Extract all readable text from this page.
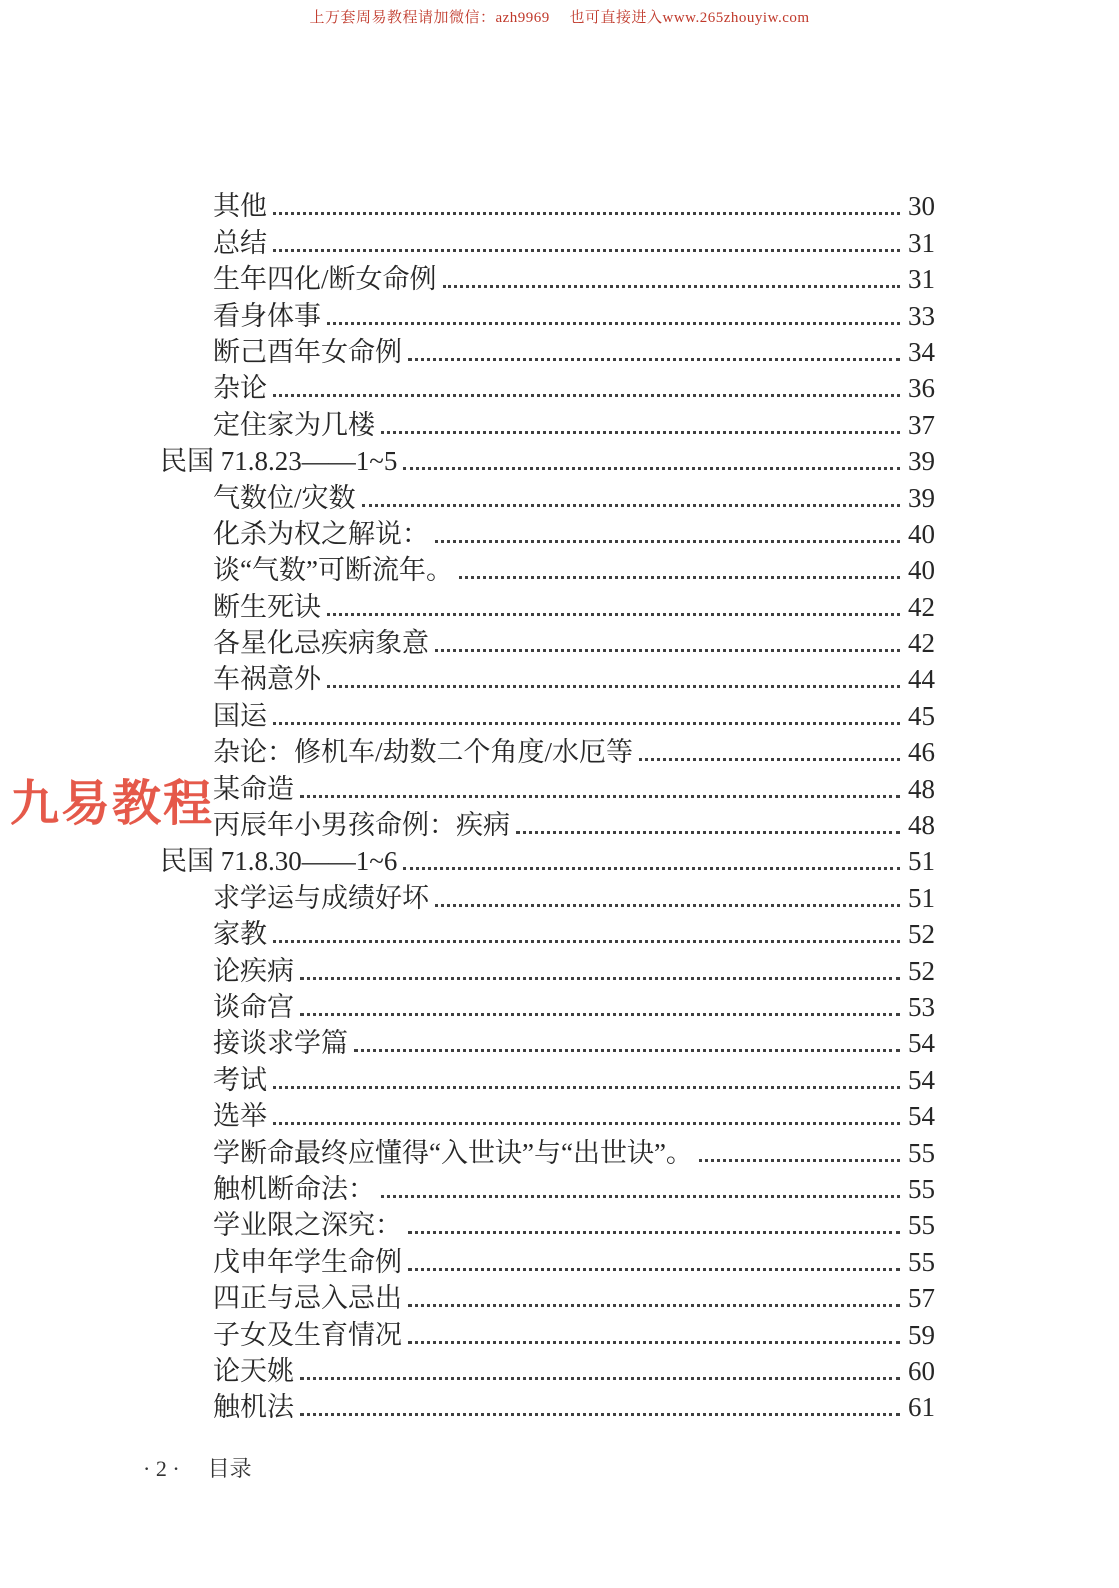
上万套周易教程请加微信：azh9969　 也可直接进入www.265zhouyiw.com
其他	30
总结	31
生年四化/断女命例	31
看身体事	33
断己酉年女命例	34
杂论	36
定住家为几楼	37
民国 71.8.23——1~5	39
气数位/灾数	39
化杀为权之解说：	40
谈“气数”可断流年。	40
断生死诀	42
各星化忌疾病象意	42
车祸意外	44
国运	45
杂论：修机车/劫数二个角度/水厄等	46
某命造	48
丙辰年小男孩命例：疾病	48
民国 71.8.30——1~6	51
求学运与成绩好坏	51
家教	52
论疾病	52
谈命宫	53
接谈求学篇	54
考试	54
选举	54
学断命最终应懂得“入世诀”与“出世诀”。	55
触机断命法：	55
学业限之深究：	55
戊申年学生命例	55
四正与忌入忌出	57
子女及生育情况	59
论天姚	60
触机法	61
九易教程
· 2 · 目录
